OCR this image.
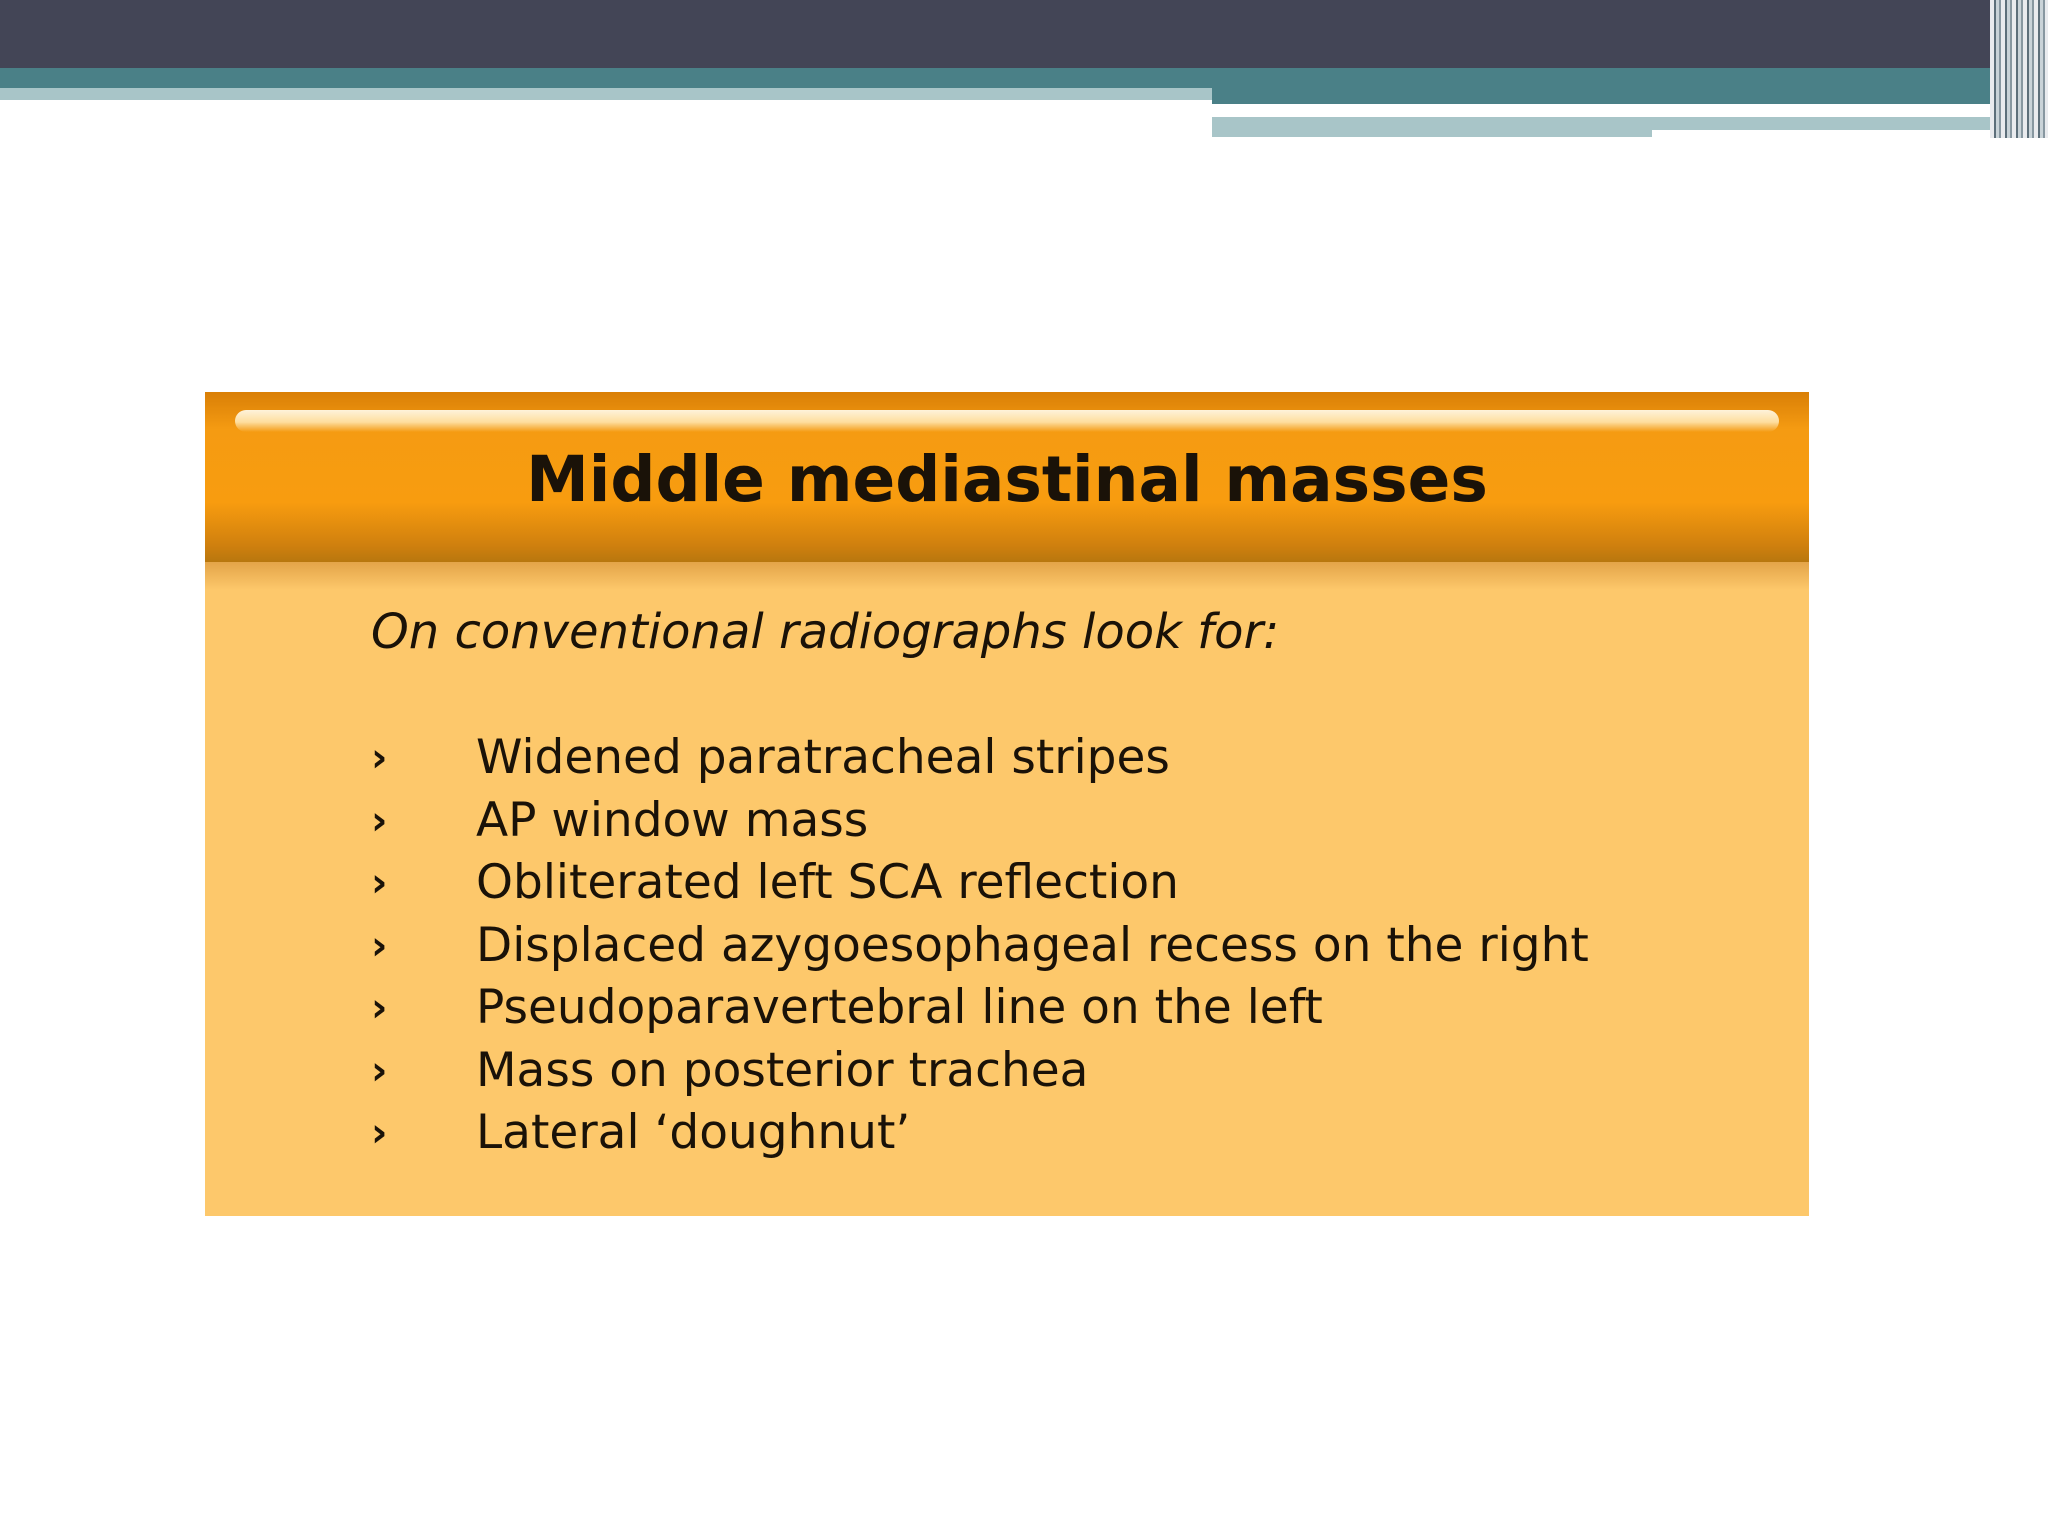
Middle mediastinal masses
On conventional radiographs look for:
›	Widened paratracheal stripes
›	AP window mass
›	Obliterated left SCA reflection
›	Displaced azygoesophageal recess on the right
›	Pseudoparavertebral line on the left
›	Mass on posterior trachea
›	Lateral ‘doughnut’
